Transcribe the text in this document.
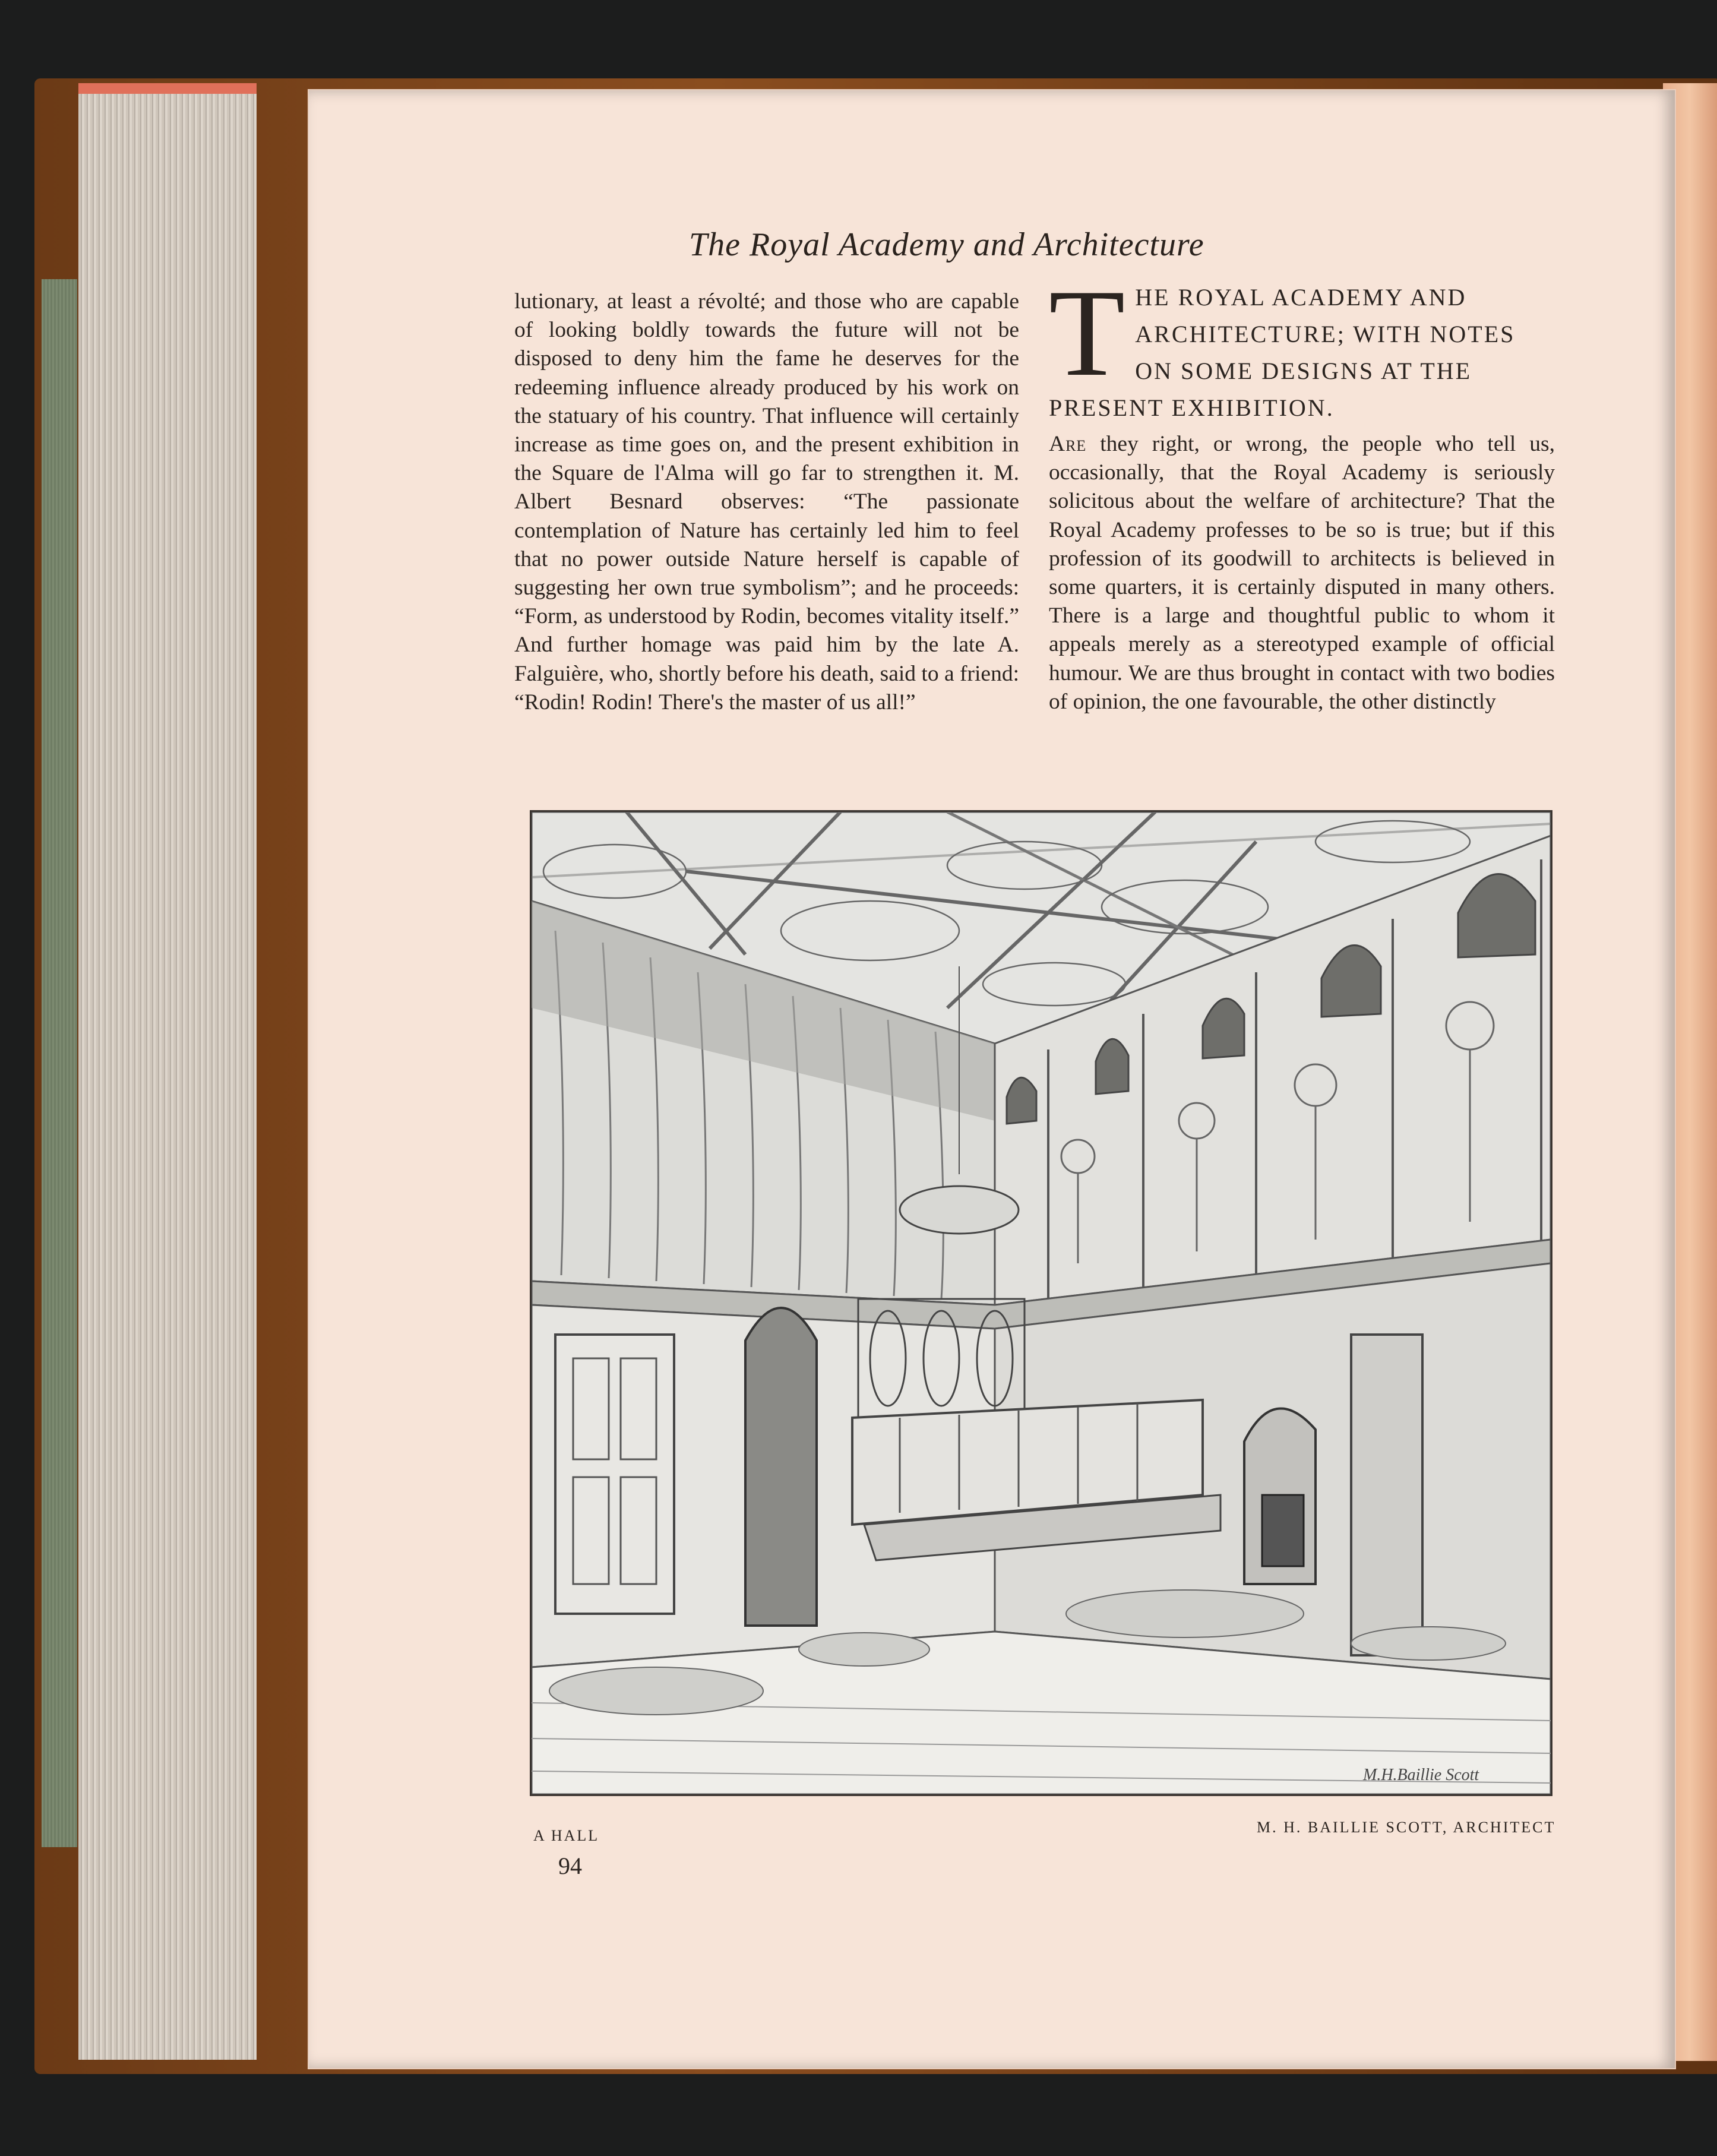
The Royal Academy and Architecture
lutionary, at least a révolté; and those who are capable of looking boldly towards the future will not be disposed to deny him the fame he deserves for the redeeming influence already produced by his work on the statuary of his country. That influence will certainly increase as time goes on, and the present exhibition in the Square de l'Alma will go far to strengthen it. M. Albert Besnard observes: “The passionate contemplation of Nature has certainly led him to feel that no power outside Nature herself is capable of suggesting her own true symbolism”; and he proceeds: “Form, as understood by Rodin, becomes vitality itself.” And further homage was paid him by the late A. Falguière, who, shortly before his death, said to a friend: “Rodin! Rodin! There's the master of us all!”
THE ROYAL ACADEMY AND ARCHITECTURE; WITH NOTES ON SOME DESIGNS AT THE PRESENT EXHIBITION.
Are they right, or wrong, the people who tell us, occasionally, that the Royal Academy is seriously solicitous about the welfare of architecture? That the Royal Academy professes to be so is true; but if this profession of its goodwill to architects is believed in some quarters, it is certainly disputed in many others. There is a large and thoughtful public to whom it appeals merely as a stereotyped example of official humour. We are thus brought in contact with two bodies of opinion, the one favourable, the other distinctly
M.H.Baillie Scott
A HALL	M. H. BAILLIE SCOTT, ARCHITECT
94
